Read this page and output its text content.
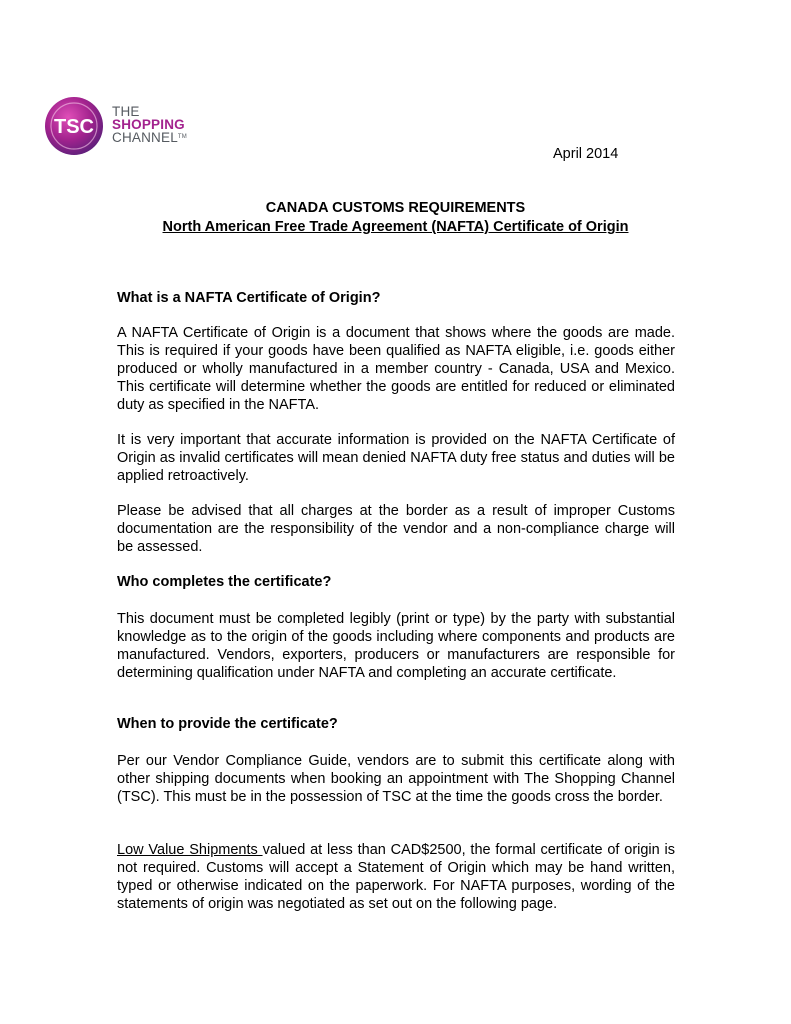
TSC
THE
SHOPPING
CHANNEL™
April 2014
CANADA CUSTOMS REQUIREMENTS
North American Free Trade Agreement (NAFTA) Certificate of Origin
What is a NAFTA Certificate of Origin?

A NAFTA Certificate of Origin is a document that shows where the goods are made. This is required if your goods have been qualified as NAFTA eligible, i.e. goods either produced or wholly manufactured in a member country - Canada, USA and Mexico. This certificate will determine whether the goods are entitled for reduced or eliminated duty as specified in the NAFTA.

It is very important that accurate information is provided on the NAFTA Certificate of Origin as invalid certificates will mean denied NAFTA duty free status and duties will be applied retroactively.

Please be advised that all charges at the border as a result of improper Customs documentation are the responsibility of the vendor and a non-compliance charge will be assessed.

Who completes the certificate?

This document must be completed legibly (print or type) by the party with substantial knowledge as to the origin of the goods including where components and products are manufactured. Vendors, exporters, producers or manufacturers are responsible for determining qualification under NAFTA and completing an accurate certificate.

When to provide the certificate?

Per our Vendor Compliance Guide, vendors are to submit this certificate along with other shipping documents when booking an appointment with The Shopping Channel (TSC). This must be in the possession of TSC at the time the goods cross the border.

Low Value Shipments valued at less than CAD$2500, the formal certificate of origin is not required. Customs will accept a Statement of Origin which may be hand written, typed or otherwise indicated on the paperwork. For NAFTA purposes, wording of the statements of origin was negotiated as set out on the following page.
